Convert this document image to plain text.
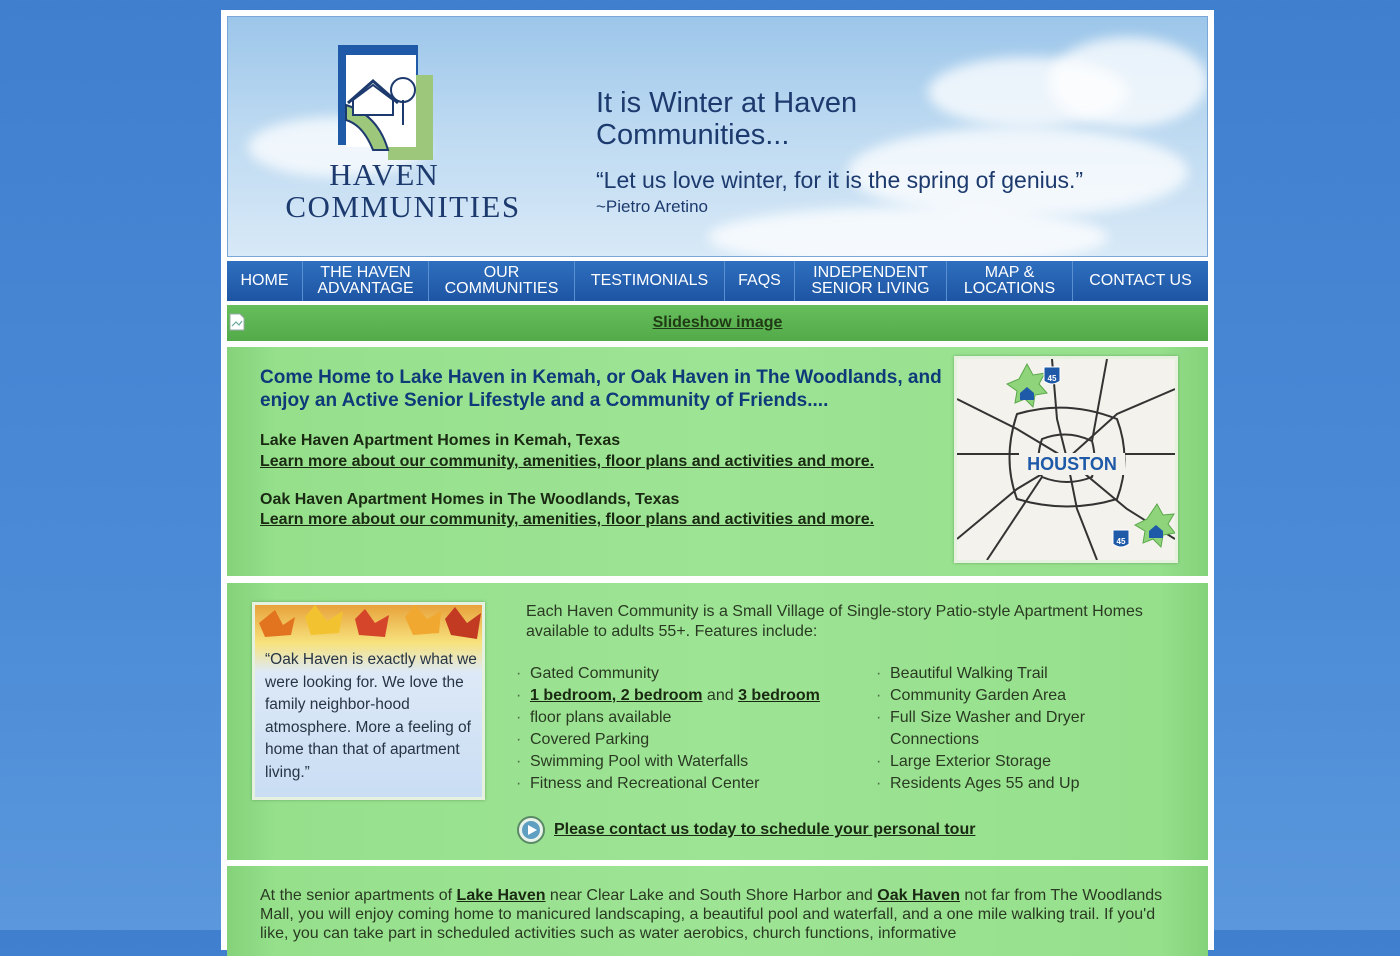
HAVEN
COMMUNITIES
It is Winter at Haven Communities...
“Let us love winter, for it is the spring of genius.”
~Pietro Aretino
HOME	THE HAVEN ADVANTAGE
OUR COMMUNITIES	TESTIMONIALS	FAQS	INDEPENDENT SENIOR LIVING
MAP & LOCATIONS	CONTACT US
Slideshow image
Come Home to Lake Haven in Kemah, or Oak Haven in The Woodlands, and enjoy an Active Senior Lifestyle and a Community of Friends....
Lake Haven Apartment Homes in Kemah, Texas
Learn more about our community, amenities, floor plans and activities and more.
Oak Haven Apartment Homes in The Woodlands, Texas
Learn more about our community, amenities, floor plans and activities and more.
HOUSTON
45
45
“Oak Haven is exactly what we were looking for. We love the family neighbor-hood atmosphere. More a feeling of home than that of apartment living.”
Each Haven Community is a Small Village of Single-story Patio-style Apartment Homes available to adults 55+. Features include:
· Gated Community
· 1 bedroom, 2 bedroom and 3 bedroom
· floor plans available
· Covered Parking
· Swimming Pool with Waterfalls
· Fitness and Recreational Center
· Beautiful Walking Trail
· Community Garden Area
· Full Size Washer and Dryer Connections
· Large Exterior Storage
· Residents Ages 55 and Up
Please contact us today to schedule your personal tour
At the senior apartments of Lake Haven near Clear Lake and South Shore Harbor and Oak Haven not far from The Woodlands Mall, you will enjoy coming home to manicured landscaping, a beautiful pool and waterfall, and a one mile walking trail. If you'd like, you can take part in scheduled activities such as water aerobics, church functions, informative
